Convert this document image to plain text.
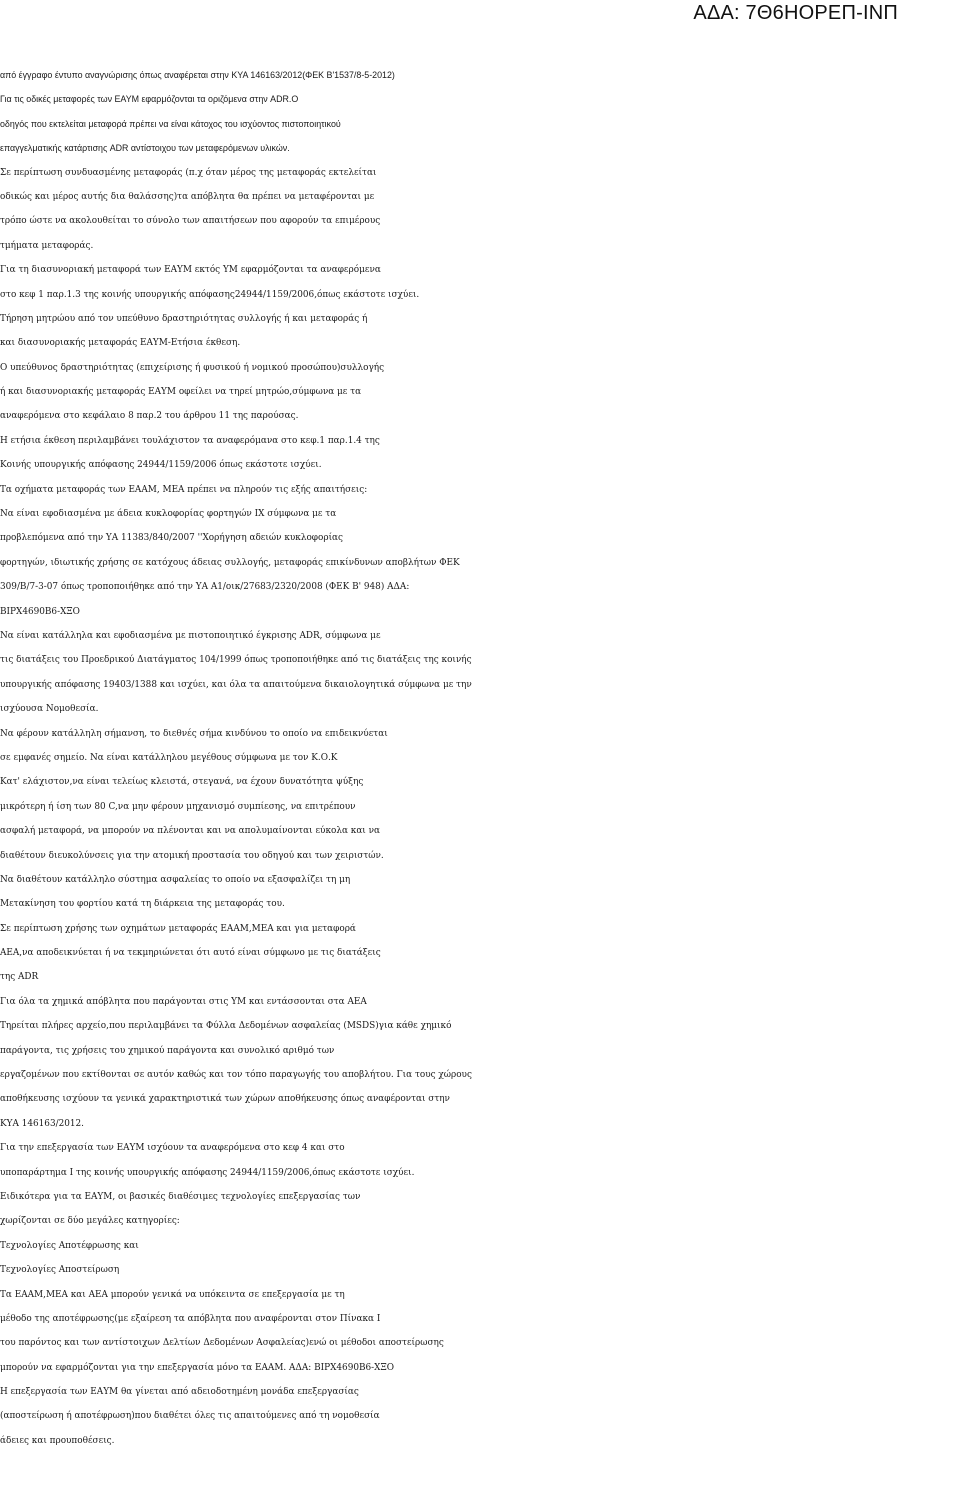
ΑΔΑ: 7Θ6ΗΟΡΕΠ-ΙΝΠ
από έγγραφο έντυπο αναγνώρισης όπως αναφέρεται στην ΚΥΑ 146163/2012(ΦΕΚ Β'1537/8-5-2012)
Για τις οδικές μεταφορές των ΕΑΥΜ εφαρμόζονται τα οριζόμενα στην ADR.Ο
οδηγός που εκτελείται μεταφορά πρέπει να είναι κάτοχος του ισχύοντος πιστοποιητικού
επαγγελματικής κατάρτισης ADR αντίστοιχου των μεταφερόμενων υλικών.
Σε περίπτωση συνδυασμένης μεταφοράς (π.χ όταν μέρος της μεταφοράς εκτελείται
οδικώς και μέρος αυτής δια θαλάσσης)τα απόβλητα θα πρέπει να μεταφέρονται με
τρόπο ώστε να ακολουθείται το σύνολο των απαιτήσεων που αφορούν τα επιμέρους
τμήματα μεταφοράς.
Για τη διασυνοριακή μεταφορά των ΕΑΥΜ εκτός ΥΜ εφαρμόζονται τα αναφερόμενα
στο κεφ 1 παρ.1.3 της κοινής υπουργικής απόφασης24944/1159/2006,όπως εκάστοτε ισχύει.
Τήρηση μητρώου από τον υπεύθυνο δραστηριότητας συλλογής ή και μεταφοράς ή
και διασυνοριακής μεταφοράς ΕΑΥΜ-Ετήσια έκθεση.
Ο υπεύθυνος δραστηριότητας (επιχείρισης ή φυσικού ή νομικού προσώπου)συλλογής
ή και διασυνοριακής μεταφοράς ΕΑΥΜ οφείλει να τηρεί μητρώο,σύμφωνα με τα
αναφερόμενα στο κεφάλαιο 8 παρ.2 του άρθρου 11 της παρούσας.
Η ετήσια έκθεση περιλαμβάνει τουλάχιστον τα αναφερόμανα στο κεφ.1 παρ.1.4 της
Κοινής υπουργικής απόφασης 24944/1159/2006 όπως εκάστοτε ισχύει.
Τα οχήματα μεταφοράς των ΕΑΑΜ, ΜΕΑ πρέπει να πληρούν τις εξής απαιτήσεις:
Να είναι εφοδιασμένα με άδεια κυκλοφορίας φορτηγών ΙΧ σύμφωνα με τα
προβλεπόμενα από την ΥΑ 11383/840/2007 ''Χορήγηση αδειών κυκλοφορίας
φορτηγών, ιδιωτικής χρήσης σε κατόχους άδειας συλλογής, μεταφοράς επικίνδυνων αποβλήτων ΦΕΚ
309/Β/7-3-07 όπως τροποποιήθηκε από την ΥΑ Α1/οικ/27683/2320/2008 (ΦΕΚ Β' 948) ΑΔΑ:
ΒΙΡΧ4690Β6-ΧΞΟ
Να είναι κατάλληλα και εφοδιασμένα με πιστοποιητικό έγκρισης ADR, σύμφωνα με
τις διατάξεις του Προεδρικού Διατάγματος 104/1999 όπως τροποποιήθηκε από τις διατάξεις της κοινής
υπουργικής απόφασης 19403/1388 και ισχύει, και όλα τα απαιτούμενα δικαιολογητικά σύμφωνα με την
ισχύουσα Νομοθεσία.
Να φέρουν κατάλληλη σήμανση, το διεθνές σήμα κινδύνου το οποίο να επιδεικνύεται
σε εμφανές σημείο. Να είναι κατάλληλου μεγέθους σύμφωνα με τον Κ.Ο.Κ
Κατ' ελάχιστον,να είναι τελείως κλειστά, στεγανά, να έχουν δυνατότητα ψύξης
μικρότερη ή ίση των 80 C,να μην φέρουν μηχανισμό συμπίεσης, να επιτρέπουν
ασφαλή μεταφορά, να μπορούν να πλένονται και να απολυμαίνονται εύκολα και να
διαθέτουν διευκολύνσεις για την ατομική προστασία του οδηγού και των χειριστών.
Να διαθέτουν κατάλληλο σύστημα ασφαλείας το οποίο να εξασφαλίζει τη μη
Μετακίνηση του φορτίου κατά τη διάρκεια της μεταφοράς του.
Σε περίπτωση χρήσης των οχημάτων μεταφοράς ΕΑΑΜ,ΜΕΑ και για μεταφορά
ΑΕΑ,να αποδεικνύεται ή να τεκμηριώνεται ότι αυτό είναι σύμφωνο με τις διατάξεις
της ADR
Για όλα τα χημικά απόβλητα που παράγονται στις ΥΜ και εντάσσονται στα ΑΕΑ
Τηρείται πλήρες αρχείο,που περιλαμβάνει τα Φύλλα Δεδομένων ασφαλείας (MSDS)για κάθε χημικό
παράγοντα, τις χρήσεις του χημικού παράγοντα και συνολικό αριθμό των
εργαζομένων που εκτίθονται σε αυτόν καθώς και τον τόπο παραγωγής του αποβλήτου. Για τους χώρους
αποθήκευσης ισχύουν τα γενικά χαρακτηριστικά των χώρων αποθήκευσης όπως αναφέρονται στην
ΚΥΑ 146163/2012.
Για την επεξεργασία των ΕΑΥΜ ισχύουν τα αναφερόμενα στο κεφ 4 και στο
υποπαράρτημα Ι της κοινής υπουργικής απόφασης 24944/1159/2006,όπως εκάστοτε ισχύει.
Ειδικότερα για τα ΕΑΥΜ, οι βασικές διαθέσιμες τεχνολογίες επεξεργασίας των
χωρίζονται σε δύο μεγάλες κατηγορίες:
Τεχνολογίες Αποτέφρωσης και
Τεχνολογίες Αποστείρωση
Τα ΕΑΑΜ,ΜΕΑ και ΑΕΑ μπορούν γενικά να υπόκειντα σε επεξεργασία με τη
μέθοδο της αποτέφρωσης(με εξαίρεση τα απόβλητα που αναφέρονται στον Πίνακα Ι
του παρόντος και των αντίστοιχων Δελτίων Δεδομένων Ασφαλείας)ενώ οι μέθοδοι αποστείρωσης
μπορούν να εφαρμόζονται για την επεξεργασία μόνο τα ΕΑΑΜ. ΑΔΑ: ΒΙΡΧ4690Β6-ΧΞΟ
Η επεξεργασία των ΕΑΥΜ θα γίνεται από αδειοδοτημένη μονάδα επεξεργασίας
(αποστείρωση ή αποτέφρωση)που διαθέτει όλες τις απαιτούμενες από τη νομοθεσία
άδειες και προυποθέσεις.
